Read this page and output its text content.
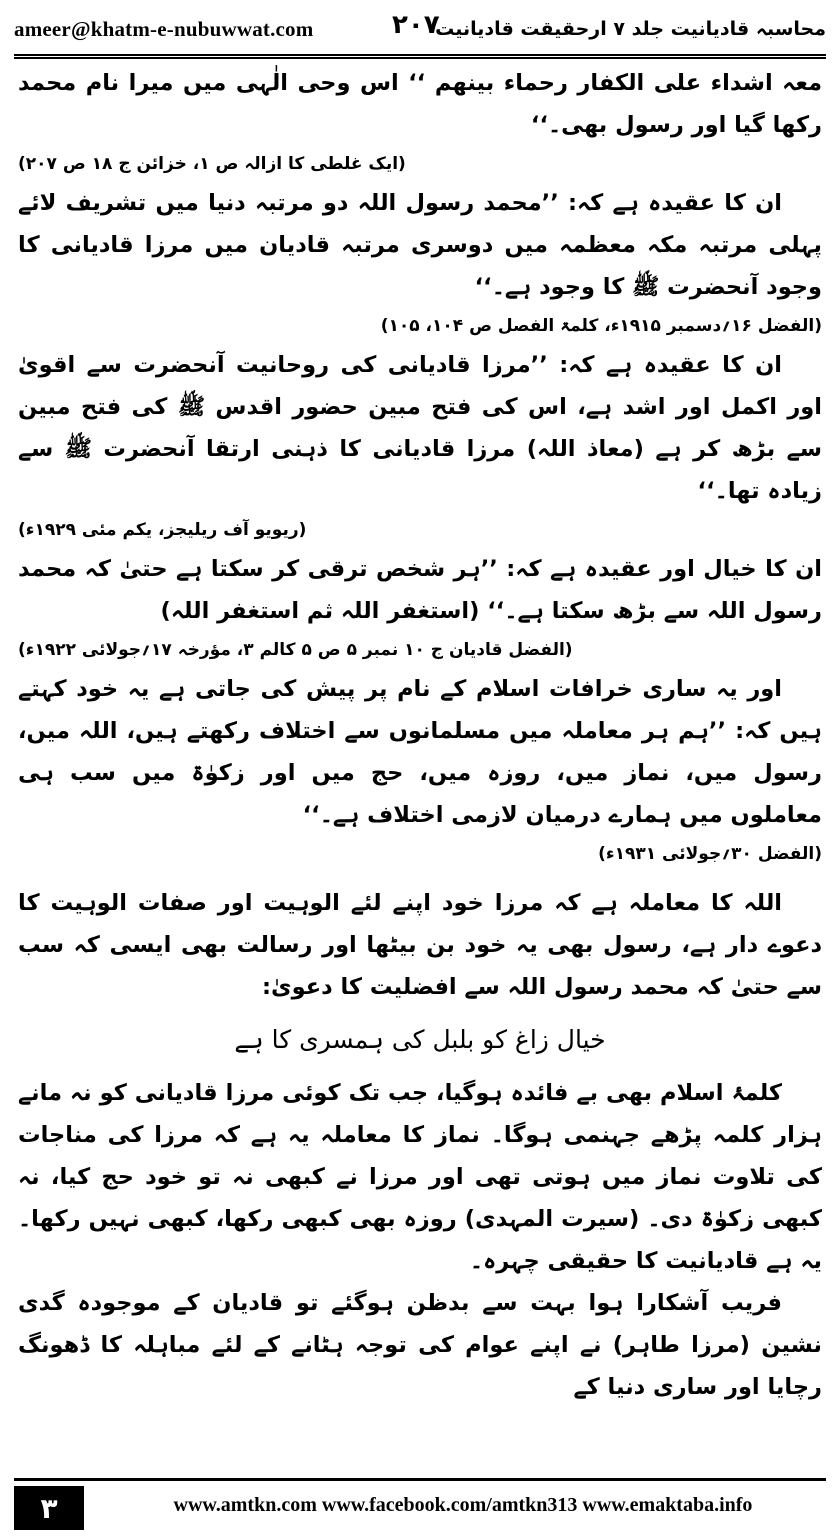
ameer@khatm-e-nubuwwat.com	۲۰۷
محاسبہ قادیانیت جلد ۷ ارحقیقت قادیانیت

معہ اشداء علی الکفار رحماء بینھم ‘‘ اس وحی الٰہی میں میرا نام محمد رکھا گیا اور رسول بھی۔‘‘

(ایک غلطی کا ازالہ ص ۱، خزائن ج ۱۸ ص ۲۰۷)

ان کا عقیدہ ہے کہ: ’’محمد رسول اللہ دو مرتبہ دنیا میں تشریف لائے پہلی مرتبہ مکہ معظمہ میں دوسری مرتبہ قادیان میں مرزا قادیانی کا وجود آنحضرت ﷺ کا وجود ہے۔‘‘

(الفضل ۱۶؍دسمبر ۱۹۱۵ء، کلمۃ الفصل ص ۱۰۴، ۱۰۵)

ان کا عقیدہ ہے کہ: ’’مرزا قادیانی کی روحانیت آنحضرت سے اقویٰ اور اکمل اور اشد ہے، اس کی فتح مبین حضور اقدس ﷺ کی فتح مبین سے بڑھ کر ہے (معاذ اللہ) مرزا قادیانی کا ذہنی ارتقا آنحضرت ﷺ سے زیادہ تھا۔‘‘

(ریویو آف ریلیجز، یکم مئی ۱۹۲۹ء)

ان کا خیال اور عقیدہ ہے کہ: ’’ہر شخص ترقی کر سکتا ہے حتیٰ کہ محمد رسول اللہ سے بڑھ سکتا ہے۔‘‘ (استغفر اللہ ثم استغفر اللہ)

(الفضل قادیان ج ۱۰ نمبر ۵ ص ۵ کالم ۳، مؤرخہ ۱۷؍جولائی ۱۹۲۲ء)

اور یہ ساری خرافات اسلام کے نام پر پیش کی جاتی ہے یہ خود کہتے ہیں کہ: ’’ہم ہر معاملہ میں مسلمانوں سے اختلاف رکھتے ہیں، اللہ میں، رسول میں، نماز میں، روزہ میں، حج میں اور زکوٰۃ میں سب ہی معاملوں میں ہمارے درمیان لازمی اختلاف ہے۔‘‘

(الفضل ۳۰؍جولائی ۱۹۳۱ء)

اللہ کا معاملہ ہے کہ مرزا خود اپنے لئے الوہیت اور صفات الوہیت کا دعوے دار ہے، رسول بھی یہ خود بن بیٹھا اور رسالت بھی ایسی کہ سب سے حتیٰ کہ محمد رسول اللہ سے افضلیت کا دعویٰ:

خیال زاغ کو بلبل کی ہمسری کا ہے

کلمۂ اسلام بھی بے فائدہ ہوگیا، جب تک کوئی مرزا قادیانی کو نہ مانے ہزار کلمہ پڑھے جہنمی ہوگا۔ نماز کا معاملہ یہ ہے کہ مرزا کی مناجات کی تلاوت نماز میں ہوتی تھی اور مرزا نے کبھی نہ تو خود حج کیا، نہ کبھی زکوٰۃ دی۔ (سیرت المہدی) روزہ بھی کبھی رکھا، کبھی نہیں رکھا۔ یہ ہے قادیانیت کا حقیقی چہرہ۔

فریب آشکارا ہوا بہت سے بدظن ہوگئے تو قادیان کے موجودہ گدی نشین (مرزا طاہر) نے اپنے عوام کی توجہ ہٹانے کے لئے مباہلہ کا ڈھونگ رچایا اور ساری دنیا کے

۳	www.amtkn.com www.facebook.com/amtkn313 www.emaktaba.info
